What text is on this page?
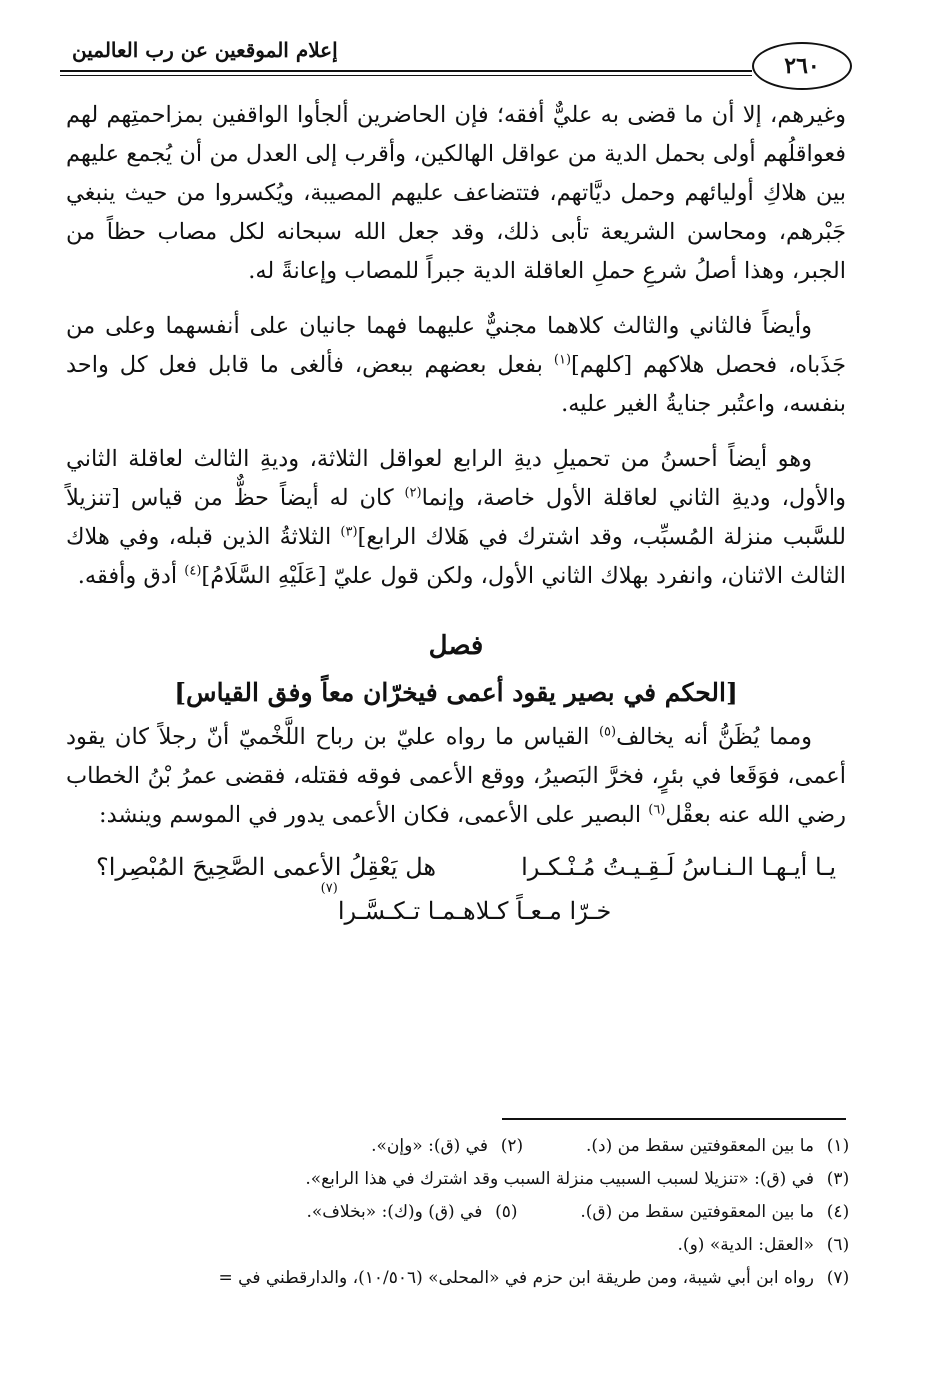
٢٦٠
إعلام الموقعين عن رب العالمين

وغيرهم، إلا أن ما قضى به عليٌّ أفقه؛ فإن الحاضرين ألجأوا الواقفين بمزاحمتِهم لهم فعواقلُهم أولى بحمل الدية من عواقل الهالكين، وأقرب إلى العدل من أن يُجمع عليهم بين هلاكِ أوليائهم وحمل ديَّاتهم، فتتضاعف عليهم المصيبة، ويُكسروا من حيث ينبغي جَبْرهم، ومحاسن الشريعة تأبى ذلك، وقد جعل الله سبحانه لكل مصاب حظاً من الجبر، وهذا أصلُ شرعِ حملِ العاقلة الدية جبراً للمصاب وإعانةً له.

وأيضاً فالثاني والثالث كلاهما مجنيٌّ عليهما فهما جانيان على أنفسهما وعلى من جَذَباه، فحصل هلاكهم [كلهم]$^{(١)}$ بفعل بعضهم ببعض، فألغى ما قابل فعل كل واحد بنفسه، واعتُبر جنايةُ الغير عليه.

وهو أيضاً أحسنُ من تحميلِ ديةِ الرابع لعواقل الثلاثة، وديةِ الثالث لعاقلة الثاني والأول، وديةِ الثاني لعاقلة الأول خاصة، وإنما$^{(٢)}$ كان له أيضاً حظٌّ من قياس [تنزيلاً للسَّبب منزلة المُسبِّب، وقد اشترك في هَلاك الرابع]$^{(٣)}$ الثلاثةُ الذين قبله، وفي هلاك الثالث الاثنان، وانفرد بهلاك الثاني الأول، ولكن قول عليّ [عَلَيْهِ السَّلَامُ]$^{(٤)}$ أدق وأفقه.

فصل
[الحكم في بصير يقود أعمى فيخرّان معاً وفق القياس]

ومما يُظَنُّ أنه يخالف$^{(٥)}$ القياس ما رواه عليّ بن رباح اللَّخْميّ أنّ رجلاً كان يقود أعمى، فوَقَعا في بئرٍ، فخرَّ البَصيرُ، ووقع الأعمى فوقه فقتله، فقضى عمرُ بْنُ الخطاب رضي الله عنه بعقْل$^{(٦)}$ البصير على الأعمى، فكان الأعمى يدور في الموسم وينشد:

يـا أيـهـا الـنـاسُ لَـقِـيـتُ مُـنْـكـرا
هل يَعْقِلُ الأعمى الصَّحِيحَ المُبْصِرا؟
خـرّا مـعـاً كـلاهـمـا تـكـسَّـرا
(٧)
(١)
ما بين المعقوفتين سقط من (د).
(٢)
في (ق): «وإن».
(٣)
في (ق): «تنزيلا لسبب السبيب منزلة السبب وقد اشترك في هذا الرابع».
(٤)
ما بين المعقوفتين سقط من (ق).
(٥)
في (ق) و(ك): «بخلاف».
(٦)
«العقل: الدية» (و).
(٧)
رواه ابن أبي شيبة، ومن طريقة ابن حزم في «المحلى» (١٠/٥٠٦)، والدارقطني في =
